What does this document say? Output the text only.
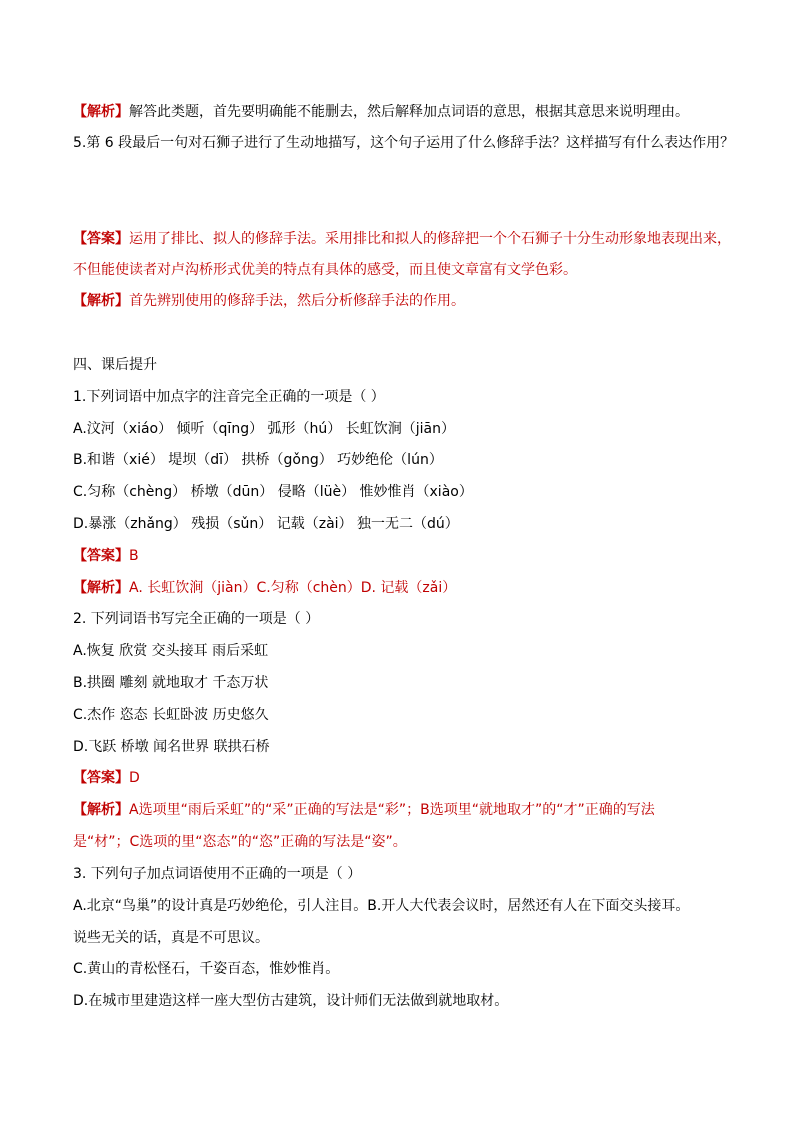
【解析】解答此类题，首先要明确能不能删去，然后解释加点词语的意思，根据其意思来说明理由。
5.第 6 段最后一句对石狮子进行了生动地描写，这个句子运用了什么修辞手法？这样描写有什么表达作用？
【答案】运用了排比、拟人的修辞手法。采用排比和拟人的修辞把一个个石狮子十分生动形象地表现出来，
不但能使读者对卢沟桥形式优美的特点有具体的感受，而且使文章富有文学色彩。
【解析】首先辨别使用的修辞手法，然后分析修辞手法的作用。
四、课后提升
1.下列词语中加点字的注音完全正确的一项是（ ）
A.汶河（xiáo） 倾听（qīng） 弧形（hú） 长虹饮涧（jiān）
B.和谐（xié） 堤坝（dī） 拱桥（gǒng） 巧妙绝伦（lún）
C.匀称（chèng） 桥墩（dūn） 侵略（lüè） 惟妙惟肖（xiào）
D.暴涨（zhǎng） 残损（sǔn） 记载（zài） 独一无二（dú）
【答案】B
【解析】A. 长虹饮涧（jiàn）C.匀称（chèn）D. 记载（zǎi）
2. 下列词语书写完全正确的一项是（ ）
A.恢复 欣赏 交头接耳 雨后采虹
B.拱圈 雕刻 就地取才 千态万状
C.杰作 恣态 长虹卧波 历史悠久
D.飞跃 桥墩 闻名世界 联拱石桥
【答案】D
【解析】A选项里“雨后采虹”的“采”正确的写法是“彩”；B选项里“就地取才”的“才”正确的写法
是“材”；C选项的里“恣态”的“恣”正确的写法是“姿”。
3. 下列句子加点词语使用不正确的一项是（ ）
A.北京“鸟巢”的设计真是巧妙绝伦，引人注目。B.开人大代表会议时，居然还有人在下面交头接耳。
说些无关的话，真是不可思议。
C.黄山的青松怪石，千姿百态，惟妙惟肖。
D.在城市里建造这样一座大型仿古建筑，设计师们无法做到就地取材。
